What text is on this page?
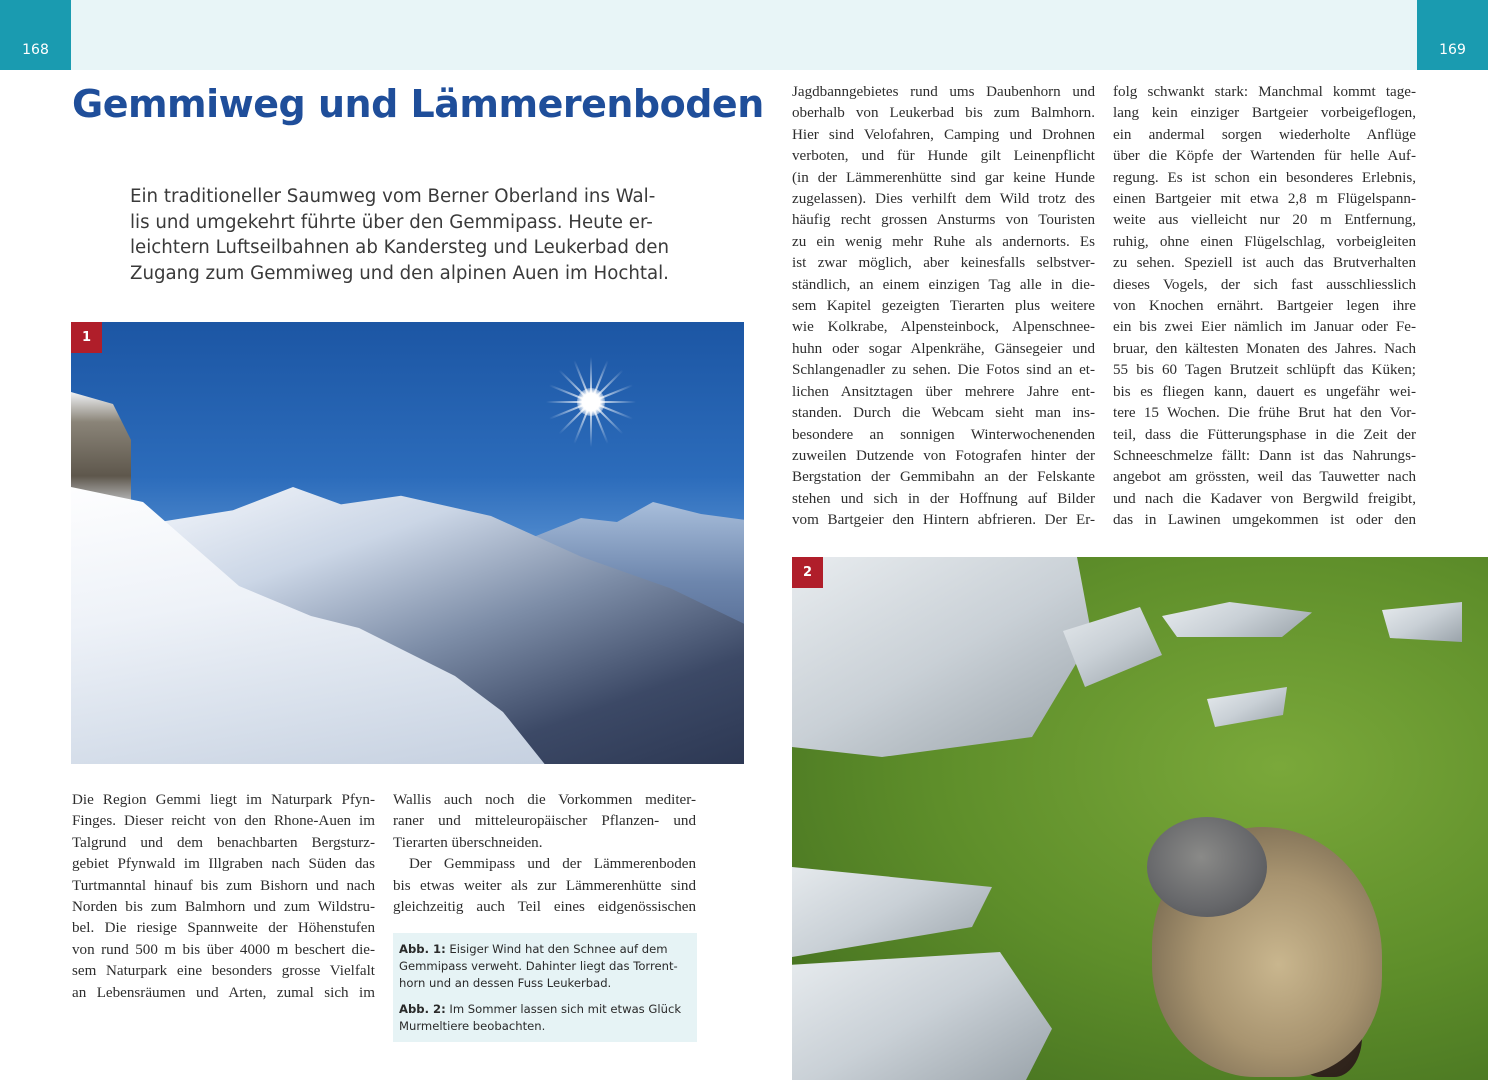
168	169
Gemmiweg und Lämmerenboden
Ein traditioneller Saumweg vom Berner Oberland ins Wal-
lis und umgekehrt führte über den Gemmipass. Heute er-
leichtern Luftseilbahnen ab Kandersteg und Leukerbad den
Zugang zum Gemmiweg und den alpinen Auen im Hochtal.
1
2
Die Region Gemmi liegt im Naturpark Pfyn-
Finges. Dieser reicht von den Rhone-Auen im
Talgrund und dem benachbarten Bergsturz-
gebiet Pfynwald im Illgraben nach Süden das
Turtmanntal hinauf bis zum Bishorn und nach
Norden bis zum Balmhorn und zum Wildstru-
bel. Die riesige Spannweite der Höhenstufen
von rund 500 m bis über 4000 m beschert die-
sem Naturpark eine besonders grosse Vielfalt
an Lebensräumen und Arten, zumal sich im
Wallis auch noch die Vorkommen mediter-
raner und mitteleuropäischer Pflanzen- und
Tierarten überschneiden.
Der Gemmipass und der Lämmerenboden
bis etwas weiter als zur Lämmerenhütte sind
gleichzeitig auch Teil eines eidgenössischen

Abb. 1: Eisiger Wind hat den Schnee auf dem Gemmipass verweht. Dahinter liegt das Torrenthorn und an dessen Fuss Leukerbad.

Abb. 2: Im Sommer lassen sich mit etwas Glück Murmeltiere beobachten.

Jagdbanngebietes rund ums Daubenhorn und
oberhalb von Leukerbad bis zum Balmhorn.
Hier sind Velofahren, Camping und Drohnen
verboten, und für Hunde gilt Leinenpflicht
(in der Lämmerenhütte sind gar keine Hunde
zugelassen). Dies verhilft dem Wild trotz des
häufig recht grossen Ansturms von Touristen
zu ein wenig mehr Ruhe als andernorts. Es
ist zwar möglich, aber keinesfalls selbstver-
ständlich, an einem einzigen Tag alle in die-
sem Kapitel gezeigten Tierarten plus weitere
wie Kolkrabe, Alpensteinbock, Alpenschnee-
huhn oder sogar Alpenkrähe, Gänsegeier und
Schlangenadler zu sehen. Die Fotos sind an et-
lichen Ansitztagen über mehrere Jahre ent-
standen. Durch die Webcam sieht man ins-
besondere an sonnigen Winterwochenenden
zuweilen Dutzende von Fotografen hinter der
Bergstation der Gemmibahn an der Felskante
stehen und sich in der Hoffnung auf Bilder
vom Bartgeier den Hintern abfrieren. Der Er-
folg schwankt stark: Manchmal kommt tage-
lang kein einziger Bartgeier vorbeigeflogen,
ein andermal sorgen wiederholte Anflüge
über die Köpfe der Wartenden für helle Auf-
regung. Es ist schon ein besonderes Erlebnis,
einen Bartgeier mit etwa 2,8 m Flügelspann-
weite aus vielleicht nur 20 m Entfernung,
ruhig, ohne einen Flügelschlag, vorbeigleiten
zu sehen. Speziell ist auch das Brutverhalten
dieses Vogels, der sich fast ausschliesslich
von Knochen ernährt. Bartgeier legen ihre
ein bis zwei Eier nämlich im Januar oder Fe-
bruar, den kältesten Monaten des Jahres. Nach
55 bis 60 Tagen Brutzeit schlüpft das Küken;
bis es fliegen kann, dauert es ungefähr wei-
tere 15 Wochen. Die frühe Brut hat den Vor-
teil, dass die Fütterungsphase in die Zeit der
Schneeschmelze fällt: Dann ist das Nahrungs-
angebot am grössten, weil das Tauwetter nach
und nach die Kadaver von Bergwild freigibt,
das in Lawinen umgekommen ist oder den
